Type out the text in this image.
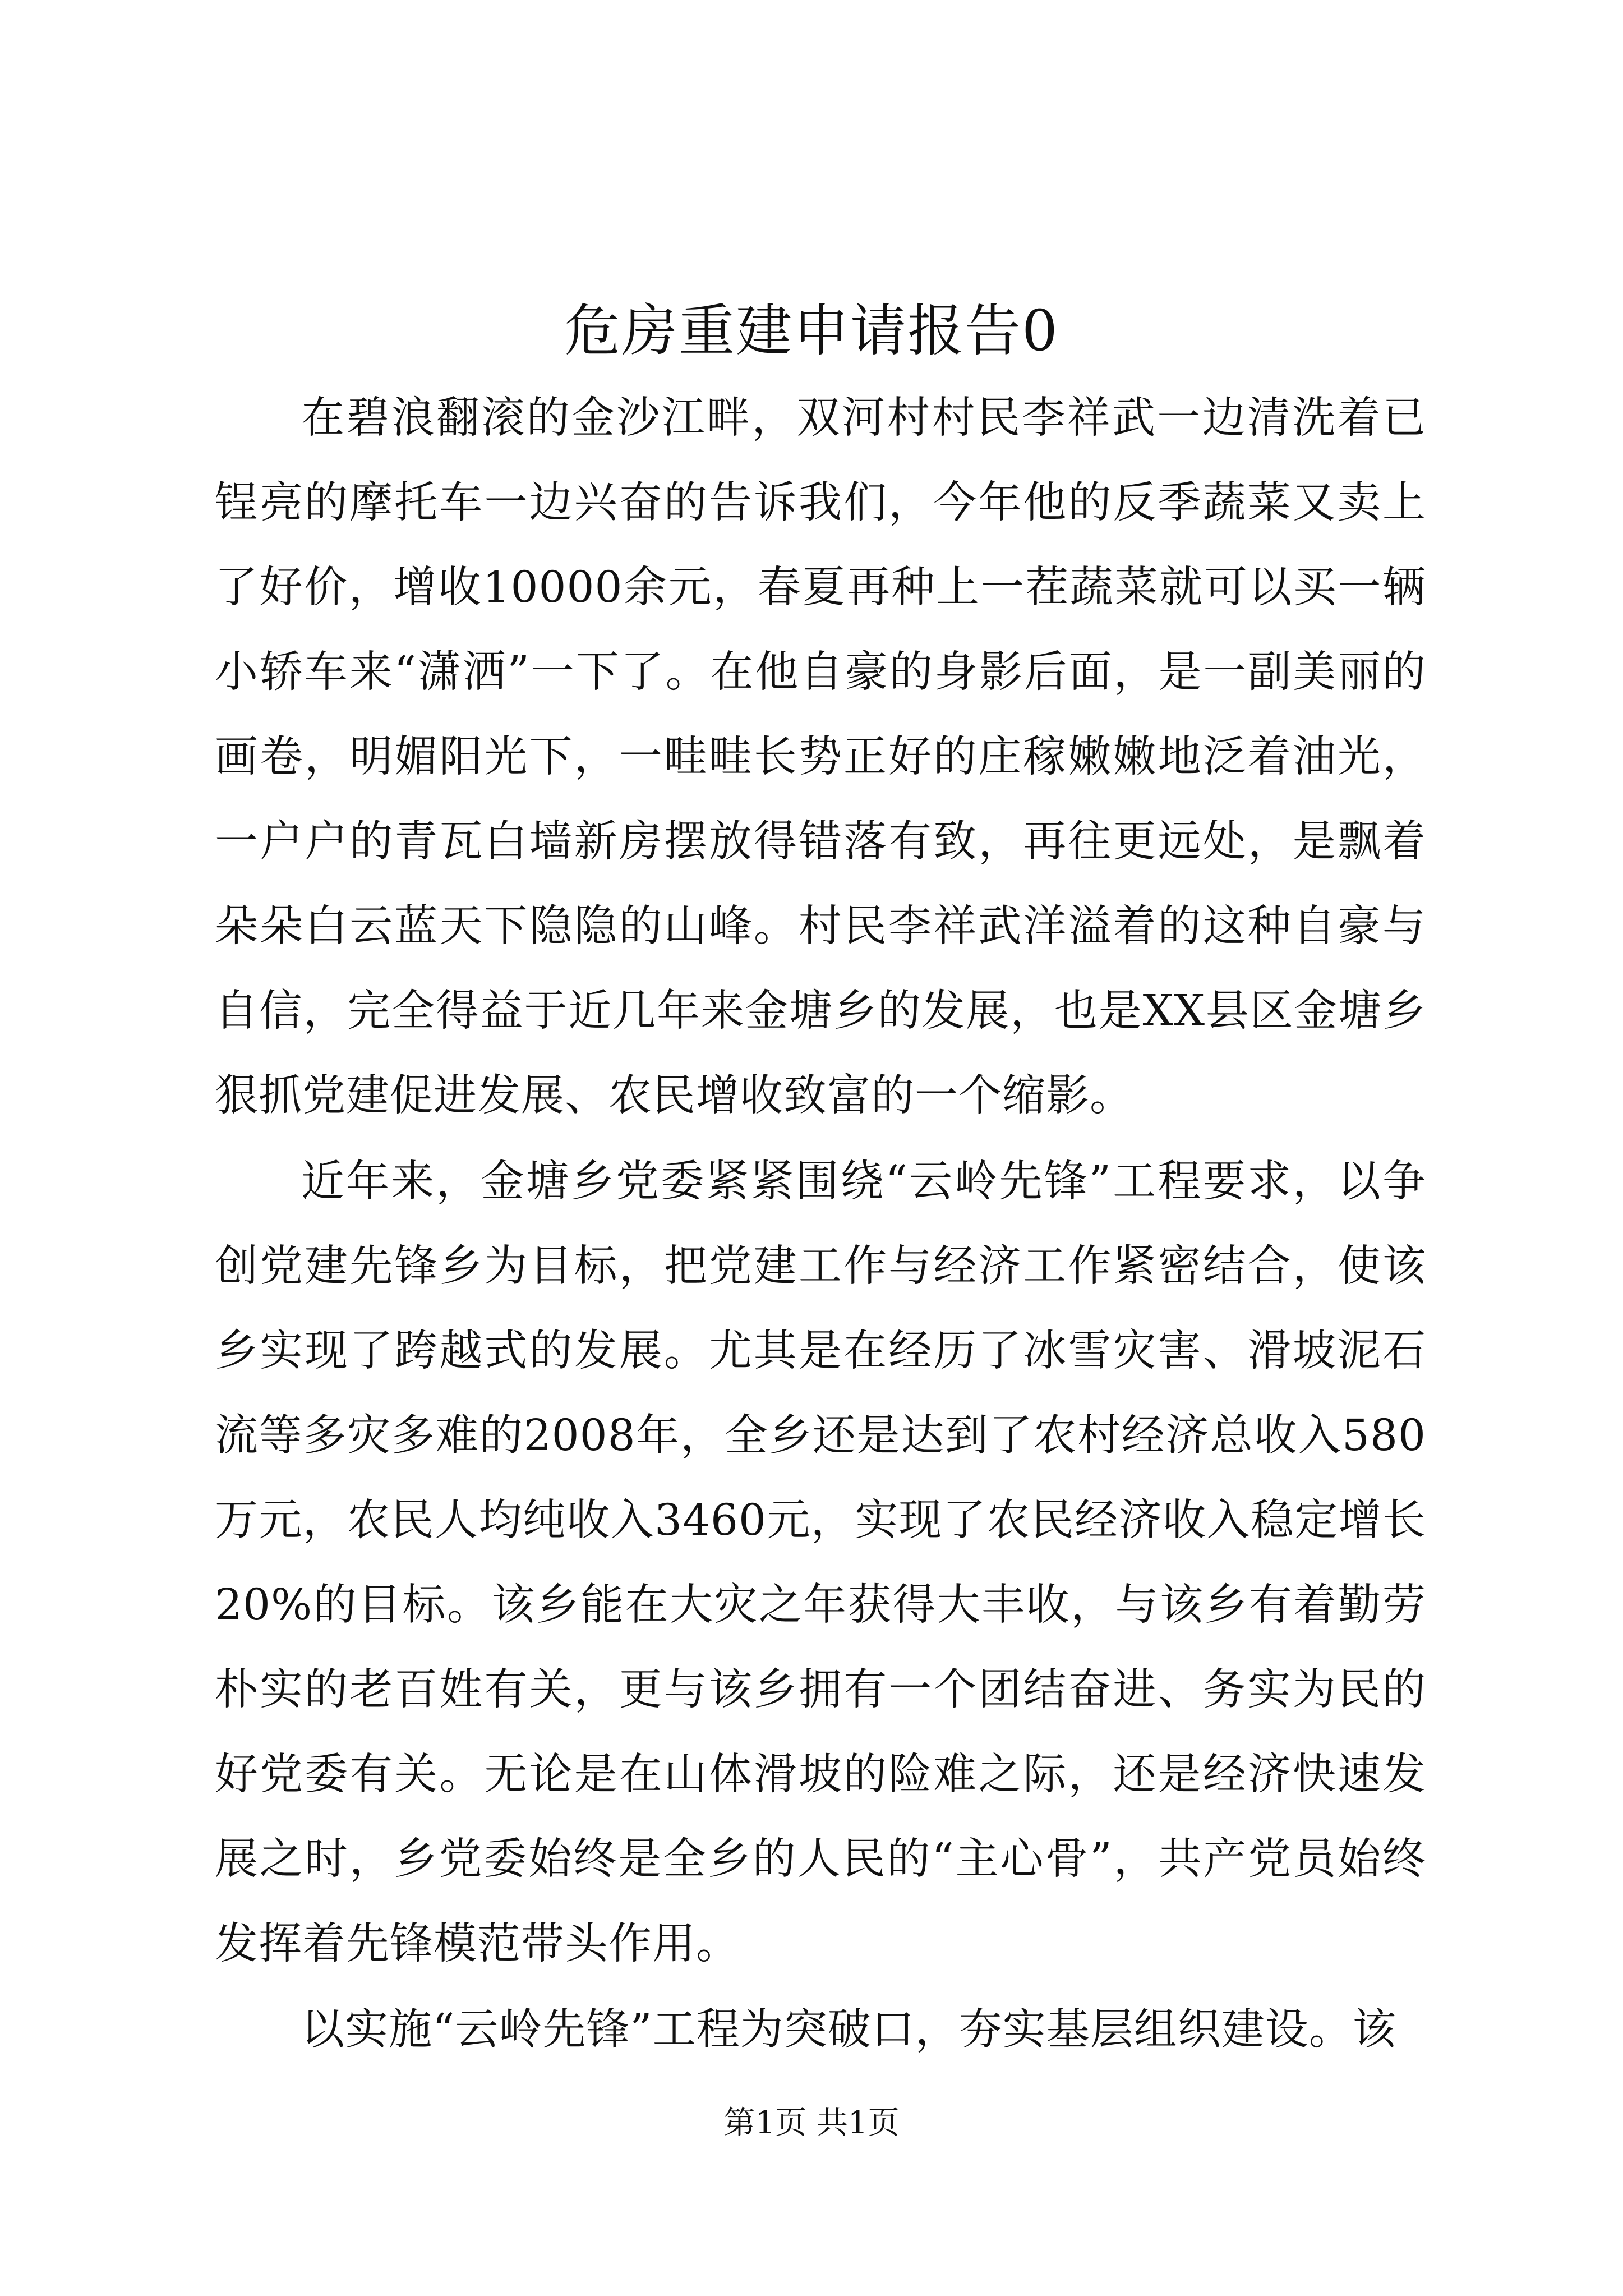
危房重建申请报告0

在碧浪翻滚的金沙江畔，双河村村民李祥武一边清洗着已锃亮的摩托车一边兴奋的告诉我们，今年他的反季蔬菜又卖上了好价，增收10000余元，春夏再种上一茬蔬菜就可以买一辆小轿车来“潇洒”一下了。在他自豪的身影后面，是一副美丽的画卷，明媚阳光下，一畦畦长势正好的庄稼嫩嫩地泛着油光，一户户的青瓦白墙新房摆放得错落有致，再往更远处，是飘着朵朵白云蓝天下隐隐的山峰。村民李祥武洋溢着的这种自豪与自信，完全得益于近几年来金塘乡的发展，也是XX县区金塘乡狠抓党建促进发展、农民增收致富的一个缩影。

近年来，金塘乡党委紧紧围绕“云岭先锋”工程要求，以争创党建先锋乡为目标，把党建工作与经济工作紧密结合，使该乡实现了跨越式的发展。尤其是在经历了冰雪灾害、滑坡泥石流等多灾多难的2008年，全乡还是达到了农村经济总收入580万元，农民人均纯收入3460元，实现了农民经济收入稳定增长20%的目标。该乡能在大灾之年获得大丰收，与该乡有着勤劳朴实的老百姓有关，更与该乡拥有一个团结奋进、务实为民的好党委有关。无论是在山体滑坡的险难之际，还是经济快速发展之时，乡党委始终是全乡的人民的“主心骨”，共产党员始终发挥着先锋模范带头作用。

以实施“云岭先锋”工程为突破口，夯实基层组织建设。该

第1页 共1页
